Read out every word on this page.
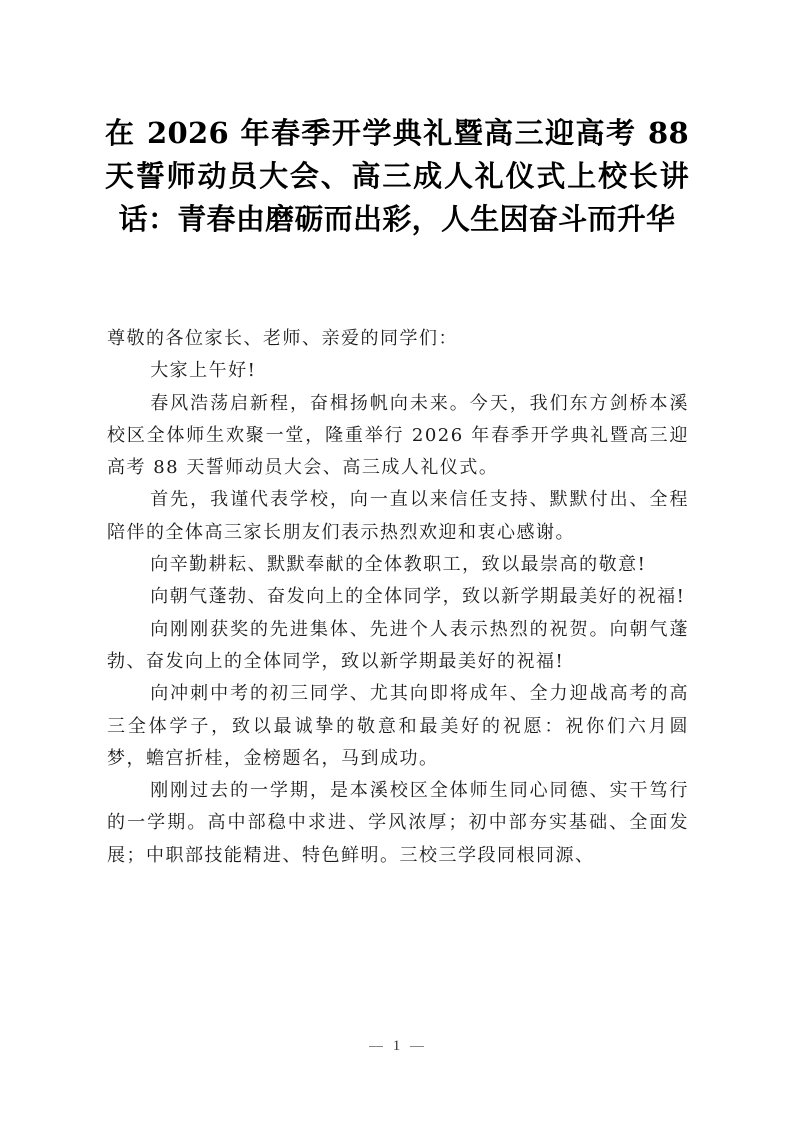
在 2026 年春季开学典礼暨高三迎高考 88 天誓师动员大会、高三成人礼仪式上校长讲话：青春由磨砺而出彩，人生因奋斗而升华

尊敬的各位家长、老师、亲爱的同学们：

大家上午好!

春风浩荡启新程，奋楫扬帆向未来。今天，我们东方剑桥本溪校区全体师生欢聚一堂，隆重举行 2026 年春季开学典礼暨高三迎高考 88 天誓师动员大会、高三成人礼仪式。

首先，我谨代表学校，向一直以来信任支持、默默付出、全程陪伴的全体高三家长朋友们表示热烈欢迎和衷心感谢。

向辛勤耕耘、默默奉献的全体教职工，致以最崇高的敬意!

向朝气蓬勃、奋发向上的全体同学，致以新学期最美好的祝福!

向刚刚获奖的先进集体、先进个人表示热烈的祝贺。向朝气蓬勃、奋发向上的全体同学，致以新学期最美好的祝福!

向冲刺中考的初三同学、尤其向即将成年、全力迎战高考的高三全体学子，致以最诚挚的敬意和最美好的祝愿：祝你们六月圆梦，蟾宫折桂，金榜题名，马到成功。

刚刚过去的一学期，是本溪校区全体师生同心同德、实干笃行的一学期。高中部稳中求进、学风浓厚；初中部夯实基础、全面发展；中职部技能精进、特色鲜明。三校三学段同根同源、

1
